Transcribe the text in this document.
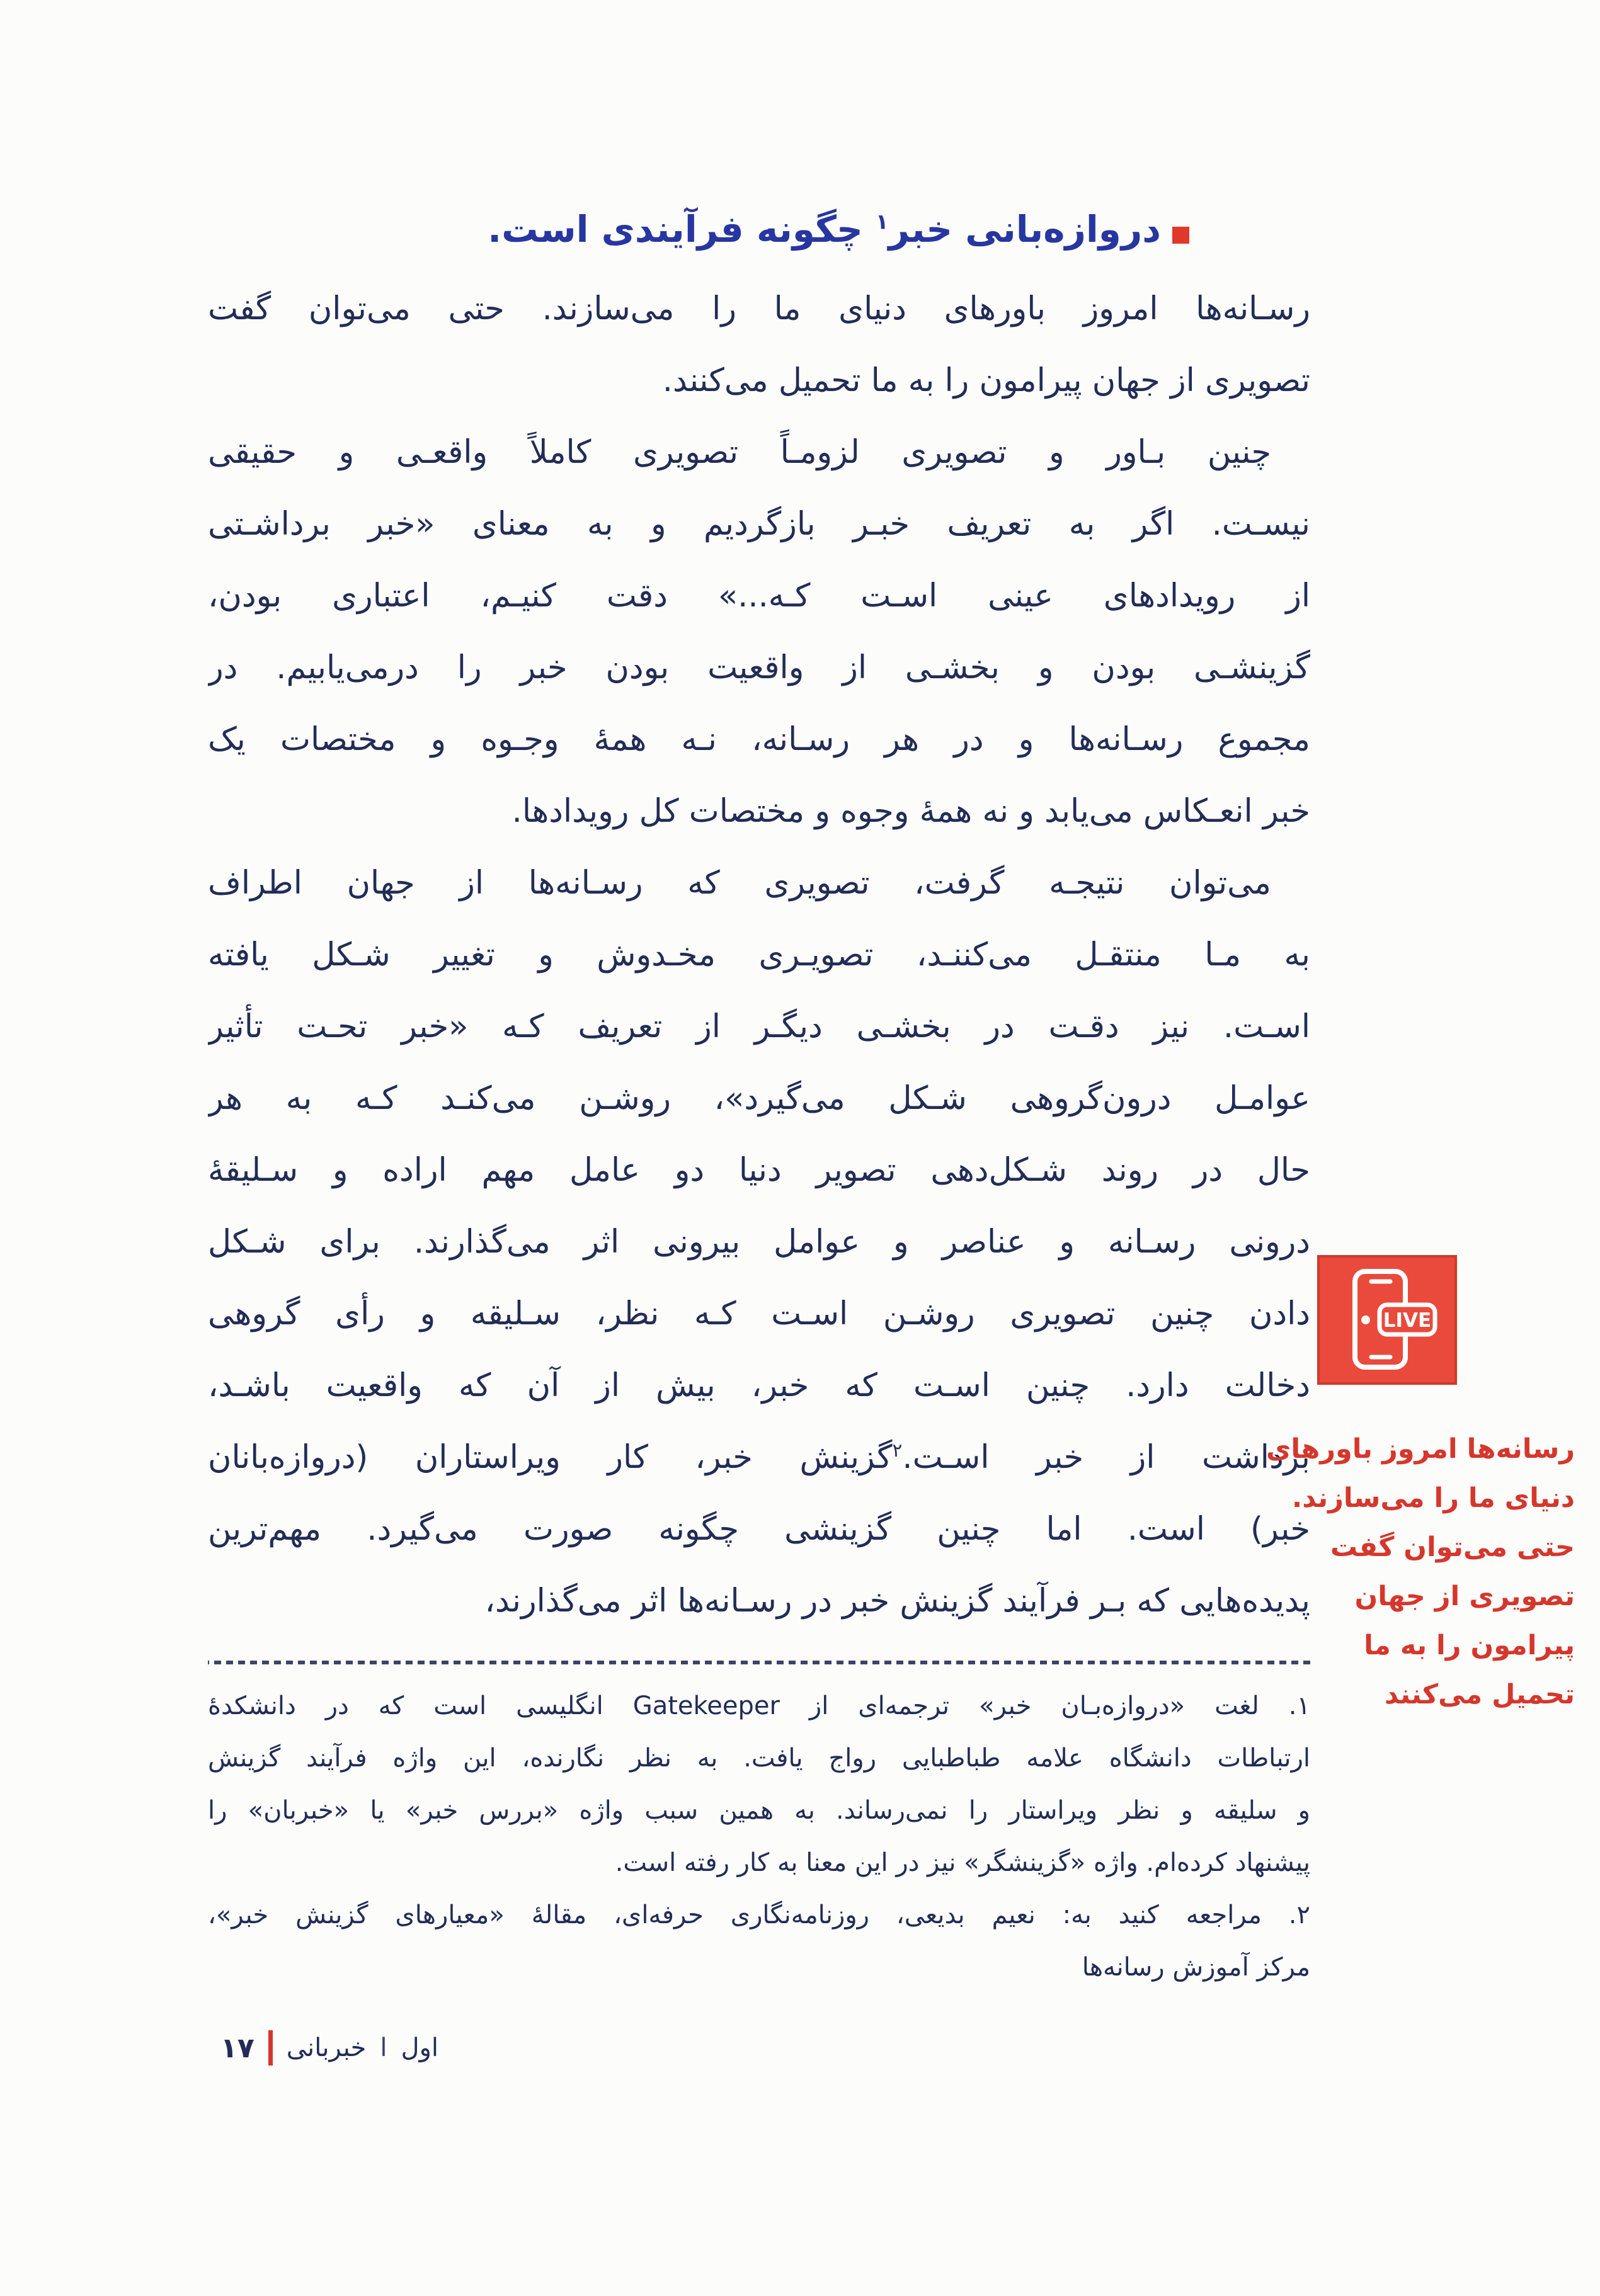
دروازه‌بانی خبر$^۱$ چگونه فرآیندی است.
رسـانه‌ها امروز باورهای دنیای ما را می‌سازند. حتی می‌توان گفت
تصویری از جهان پیرامون را به ما تحمیل می‌کنند.
چنین بـاور و تصویری لزومـاً تصویری کاملاً واقعـی و حقیقی
نیسـت. اگر به تعریف خبـر بازگردیم و به معنای «خبر برداشـتی
از رویدادهای عینی اسـت کـه...» دقت کنیـم، اعتباری بودن،
گزینشـی بودن و بخشـی از واقعیت بودن خبر را درمی‌یابیم. در
مجموع رسـانه‌ها و در هر رسـانه، نـه همهٔ وجـوه و مختصات یک
خبر انعـکاس می‌یابد و نه همهٔ وجوه و مختصات کل رویدادها.
می‌توان نتیجـه گرفت، تصویری که رسـانه‌ها از جهان اطراف
به مـا منتقـل می‌کننـد، تصویـری مخـدوش و تغییر شـکل یافته
اسـت. نیز دقـت در بخشـی دیگـر از تعریف کـه «خبر تحـت تأثیر
عوامـل درون‌گروهی شـکل می‌گیرد»، روشـن می‌کنـد کـه به هر
حال در روند شـکل‌دهی تصویر دنیا دو عامل مهم اراده و سـلیقهٔ
درونی رسـانه و عناصر و عوامل بیرونی اثر می‌گذارند. برای شـکل
دادن چنین تصویری روشـن اسـت کـه نظر، سـلیقه و رأی گروهی
دخالت دارد. چنین اسـت که خبر، بیش از آن که واقعیت باشـد،
برداشت از خبر اسـت.$^۲$گزینش خبر، کار ویراستاران (دروازه‌بانان
خبر) است. اما چنین گزینشی چگونه صورت می‌گیرد. مهم‌ترین
پدیده‌هایی که بـر فرآیند گزینش خبر در رسـانه‌ها اثر می‌گذارند،
۱. لغت «دروازه‌بـان خبر» ترجمه‌ای از Gatekeeper انگلیسی است که در دانشکدهٔ
ارتباطات دانشگاه علامه طباطبایی رواج یافت. به نظر نگارنده، این واژه فرآیند گزینش
و سلیقه و نظر ویراستار را نمی‌رساند. به همین سبب واژه «بررس خبر» یا «خبربان» را
پیشنهاد کرده‌ام. واژه «گزینشگر» نیز در این معنا به کار رفته است.
۲. مراجعه کنید به: نعیم بدیعی، روزنامه‌نگاری حرفه‌ای، مقالهٔ «معیارهای گزینش خبر»،
مرکز آموزش رسانه‌ها
LIVE
رسانه‌ها امروز باورهای
دنیای ما را می‌سازند.
حتی می‌توان گفت
تصویری از جهان
پیرامون را به ما
تحمیل می‌کنند
اول
ا
خبربانی
۱۷
